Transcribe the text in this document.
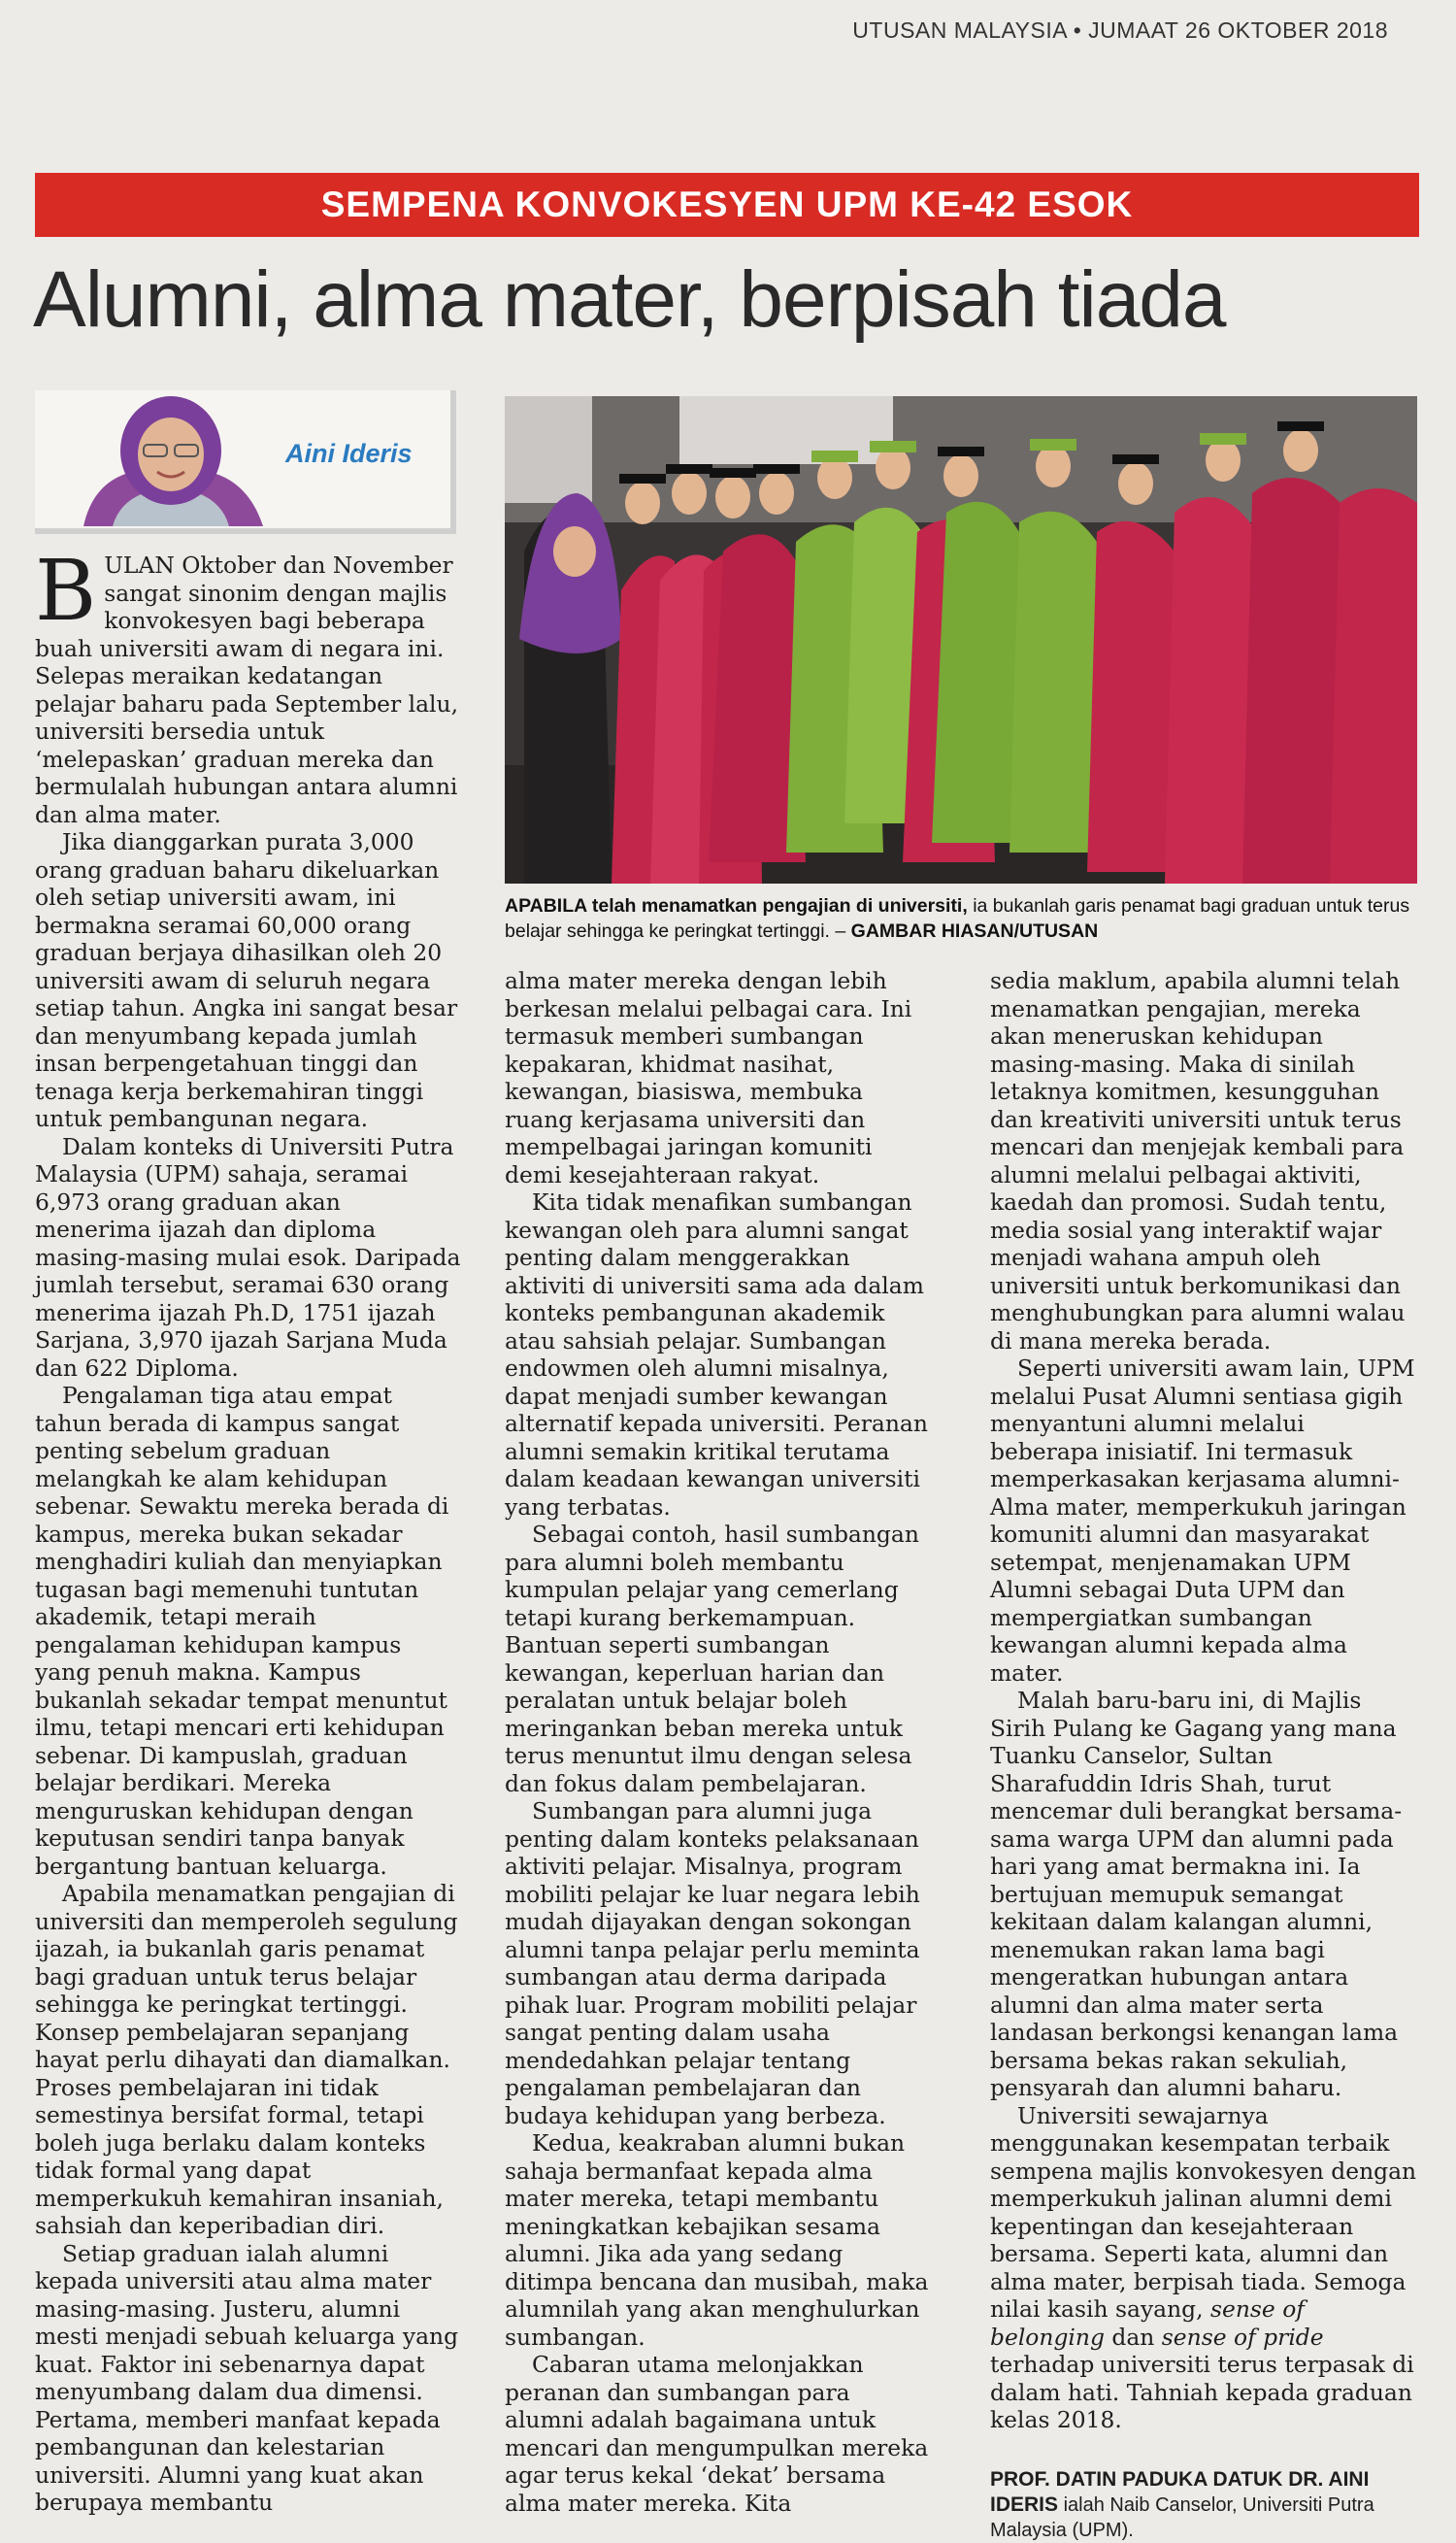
UTUSAN MALAYSIA • JUMAAT 26 OKTOBER 2018
SEMPENA KONVOKESYEN UPM KE-42 ESOK
Alumni, alma mater, berpisah tiada
Aini Ideris
APABILA telah menamatkan pengajian di universiti, ia bukanlah garis penamat bagi graduan untuk terus belajar sehingga ke peringkat tertinggi. – GAMBAR HIASAN/UTUSAN

BULAN Oktober dan November sangat sinonim dengan majlis konvokesyen bagi beberapa buah universiti awam di negara ini. Selepas meraikan kedatangan pelajar baharu pada September lalu, universiti bersedia untuk ‘melepaskan’ graduan mereka dan bermulalah hubungan antara alumni dan alma mater.

Jika dianggarkan purata 3,000 orang graduan baharu dikeluarkan oleh setiap universiti awam, ini bermakna seramai 60,000 orang graduan berjaya dihasilkan oleh 20 universiti awam di seluruh negara setiap tahun. Angka ini sangat besar dan menyumbang kepada jumlah insan berpengetahuan tinggi dan tenaga kerja berkemahiran tinggi untuk pembangunan negara.

Dalam konteks di Universiti Putra Malaysia (UPM) sahaja, seramai 6,973 orang graduan akan menerima ijazah dan diploma masing-masing mulai esok. Daripada jumlah tersebut, seramai 630 orang menerima ijazah Ph.D, 1751 ijazah Sarjana, 3,970 ijazah Sarjana Muda dan 622 Diploma.

Pengalaman tiga atau empat tahun berada di kampus sangat penting sebelum graduan melangkah ke alam kehidupan sebenar. Sewaktu mereka berada di kampus, mereka bukan sekadar menghadiri kuliah dan menyiapkan tugasan bagi memenuhi tuntutan akademik, tetapi meraih pengalaman kehidupan kampus yang penuh makna. Kampus bukanlah sekadar tempat menuntut ilmu, tetapi mencari erti kehidupan sebenar. Di kampuslah, graduan belajar berdikari. Mereka menguruskan kehidupan dengan keputusan sendiri tanpa banyak bergantung bantuan keluarga.

Apabila menamatkan pengajian di universiti dan memperoleh segulung ijazah, ia bukanlah garis penamat bagi graduan untuk terus belajar sehingga ke peringkat tertinggi. Konsep pembelajaran sepanjang hayat perlu dihayati dan diamalkan. Proses pembelajaran ini tidak semestinya bersifat formal, tetapi boleh juga berlaku dalam konteks tidak formal yang dapat memperkukuh kemahiran insaniah, sahsiah dan keperibadian diri.

Setiap graduan ialah alumni kepada universiti atau alma mater masing-masing. Justeru, alumni mesti menjadi sebuah keluarga yang kuat. Faktor ini sebenarnya dapat menyumbang dalam dua dimensi. Pertama, memberi manfaat kepada pembangunan dan kelestarian universiti. Alumni yang kuat akan berupaya membantu

alma mater mereka dengan lebih berkesan melalui pelbagai cara. Ini termasuk memberi sumbangan kepakaran, khidmat nasihat, kewangan, biasiswa, membuka ruang kerjasama universiti dan mempelbagai jaringan komuniti demi kesejahteraan rakyat.

Kita tidak menafikan sumbangan kewangan oleh para alumni sangat penting dalam menggerakkan aktiviti di universiti sama ada dalam konteks pembangunan akademik atau sahsiah pelajar. Sumbangan endowmen oleh alumni misalnya, dapat menjadi sumber kewangan alternatif kepada universiti. Peranan alumni semakin kritikal terutama dalam keadaan kewangan universiti yang terbatas.

Sebagai contoh, hasil sumbangan para alumni boleh membantu kumpulan pelajar yang cemerlang tetapi kurang berkemampuan. Bantuan seperti sumbangan kewangan, keperluan harian dan peralatan untuk belajar boleh meringankan beban mereka untuk terus menuntut ilmu dengan selesa dan fokus dalam pembelajaran.

Sumbangan para alumni juga penting dalam konteks pelaksanaan aktiviti pelajar. Misalnya, program mobiliti pelajar ke luar negara lebih mudah dijayakan dengan sokongan alumni tanpa pelajar perlu meminta sumbangan atau derma daripada pihak luar. Program mobiliti pelajar sangat penting dalam usaha mendedahkan pelajar tentang pengalaman pembelajaran dan budaya kehidupan yang berbeza.

Kedua, keakraban alumni bukan sahaja bermanfaat kepada alma mater mereka, tetapi membantu meningkatkan kebajikan sesama alumni. Jika ada yang sedang ditimpa bencana dan musibah, maka alumnilah yang akan menghulurkan sumbangan.

Cabaran utama melonjakkan peranan dan sumbangan para alumni adalah bagaimana untuk mencari dan mengumpulkan mereka agar terus kekal ‘dekat’ bersama alma mater mereka. Kita

sedia maklum, apabila alumni telah menamatkan pengajian, mereka akan meneruskan kehidupan masing-masing. Maka di sinilah letaknya komitmen, kesungguhan dan kreativiti universiti untuk terus mencari dan menjejak kembali para alumni melalui pelbagai aktiviti, kaedah dan promosi. Sudah tentu, media sosial yang interaktif wajar menjadi wahana ampuh oleh universiti untuk berkomunikasi dan menghubungkan para alumni walau di mana mereka berada.

Seperti universiti awam lain, UPM melalui Pusat Alumni sentiasa gigih menyantuni alumni melalui beberapa inisiatif. Ini termasuk memperkasakan kerjasama alumni-Alma mater, memperkukuh jaringan komuniti alumni dan masyarakat setempat, menjenamakan UPM Alumni sebagai Duta UPM dan mempergiatkan sumbangan kewangan alumni kepada alma mater.

Malah baru-baru ini, di Majlis Sirih Pulang ke Gagang yang mana Tuanku Canselor, Sultan Sharafuddin Idris Shah, turut mencemar duli berangkat bersama-sama warga UPM dan alumni pada hari yang amat bermakna ini. Ia bertujuan memupuk semangat kekitaan dalam kalangan alumni, menemukan rakan lama bagi mengeratkan hubungan antara alumni dan alma mater serta landasan berkongsi kenangan lama bersama bekas rakan sekuliah, pensyarah dan alumni baharu.

Universiti sewajarnya menggunakan kesempatan terbaik sempena majlis konvokesyen dengan memperkukuh jalinan alumni demi kepentingan dan kesejahteraan bersama. Seperti kata, alumni dan alma mater, berpisah tiada. Semoga nilai kasih sayang, sense of belonging dan sense of pride terhadap universiti terus terpasak di dalam hati. Tahniah kepada graduan kelas 2018.

PROF. DATIN PADUKA DATUK DR. AINI IDERIS ialah Naib Canselor, Universiti Putra Malaysia (UPM).
